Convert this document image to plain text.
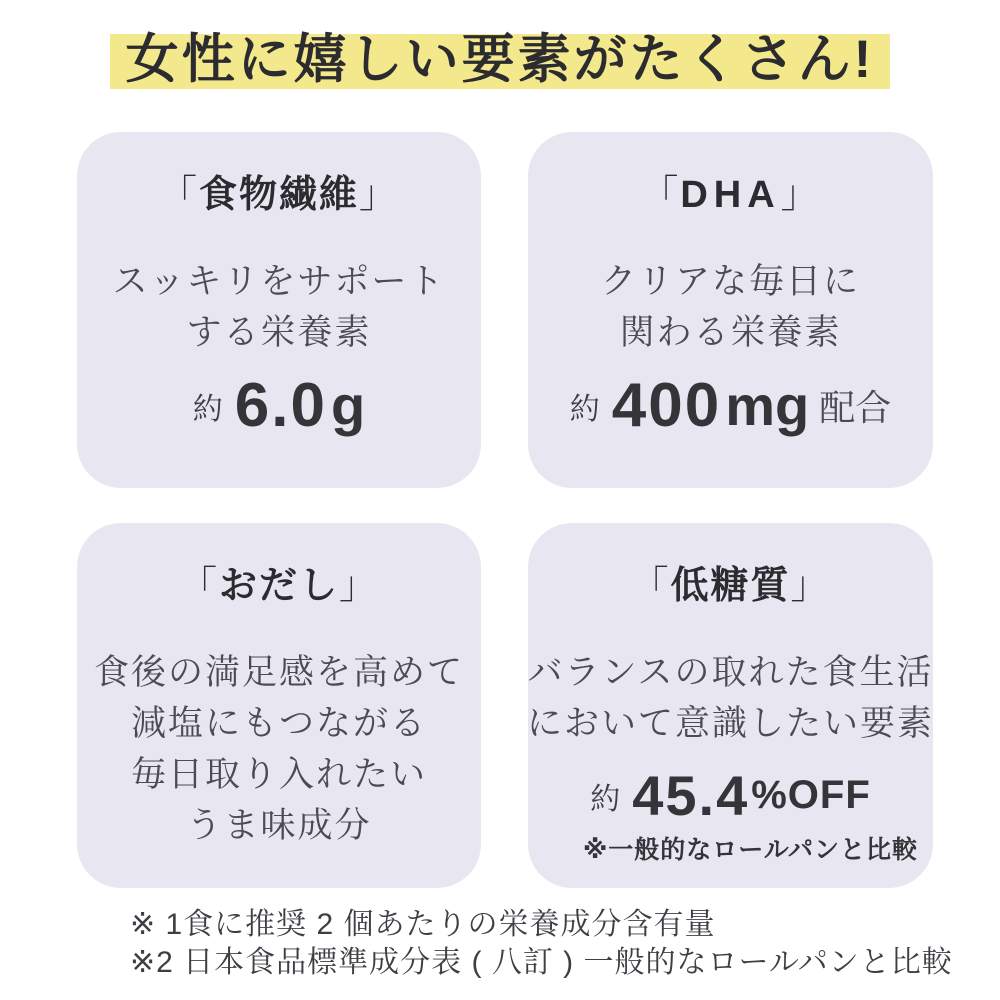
女性に嬉しい要素がたくさん!
「食物繊維」

スッキリをサポート

する栄養素

約 6.0 g
「DHA」

クリアな毎日に

関わる栄養素

約 400 mg 配合
「おだし」

食後の満足感を高めて

減塩にもつながる

毎日取り入れたい

うま味成分

「低糖質」

バランスの取れた食生活

において意識したい要素

約 45.4 %OFF

※一般的なロールパンと比較

※ 1食に推奨 2 個あたりの栄養成分含有量

※2 日本食品標準成分表 ( 八訂 ) 一般的なロールパンと比較
